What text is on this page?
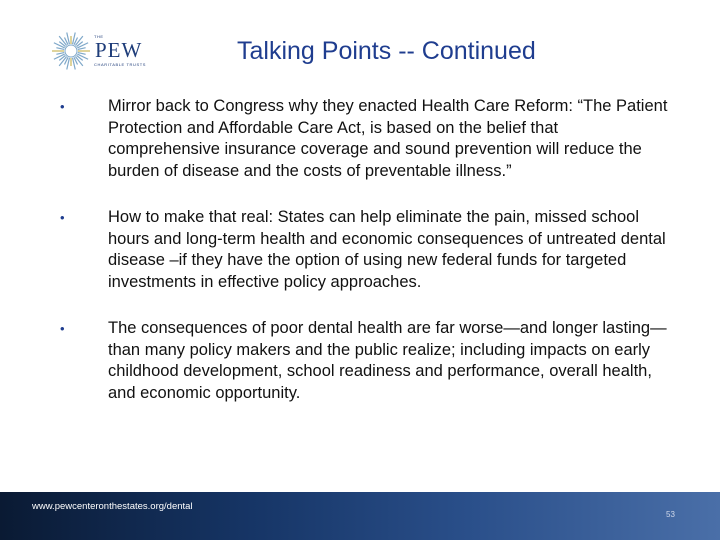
THE
PEW
CHARITABLE TRUSTS	Talking Points -- Continued
•	Mirror back to Congress why they enacted Health Care Reform: “The Patient Protection and Affordable Care Act, is based on the belief that comprehensive insurance coverage and sound prevention will reduce the burden of disease and the costs of preventable illness.”
•	How to make that real: States can help eliminate the pain, missed school hours and long-term health and economic consequences of untreated dental disease –if they have the option of using new federal funds for targeted investments in effective policy approaches.
•	The consequences of poor dental health are far worse—and longer lasting—than many policy makers and the public realize; including impacts on early childhood development, school readiness and performance, overall health, and economic opportunity.
www.pewcenteronthestates.org/dental
53
